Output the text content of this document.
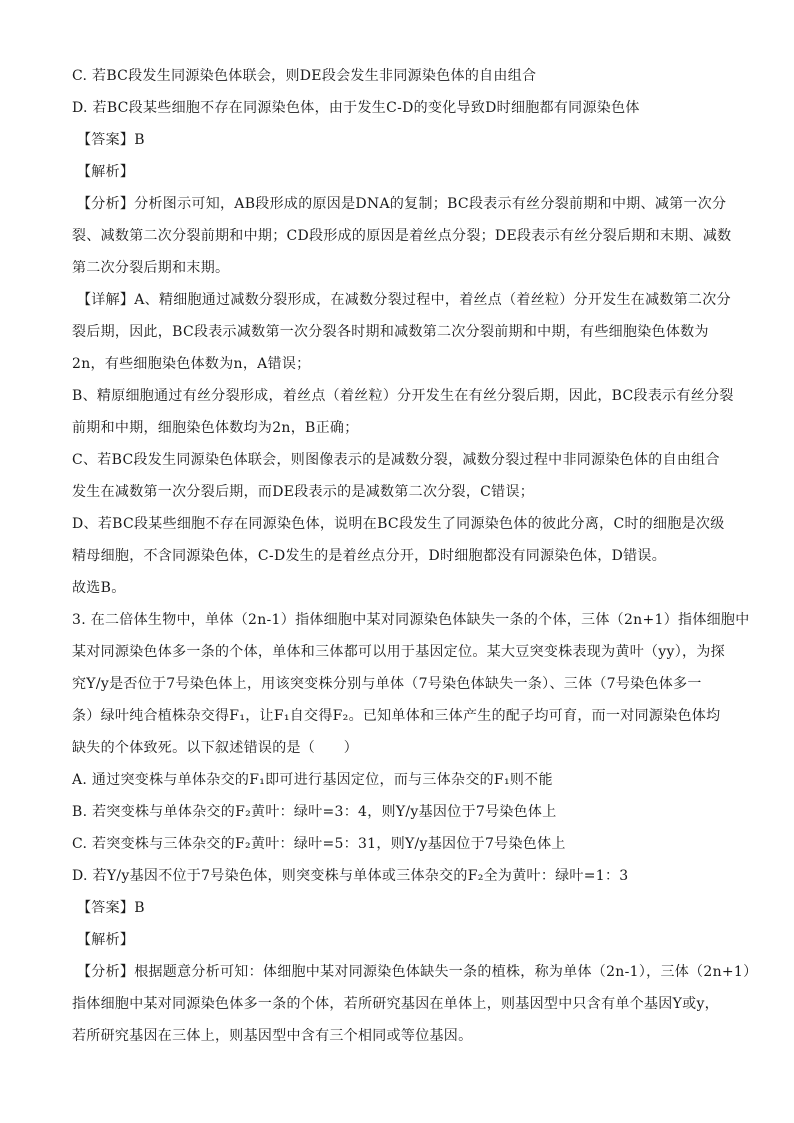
C. 若BC段发生同源染色体联会，则DE段会发生非同源染色体的自由组合
D. 若BC段某些细胞不存在同源染色体，由于发生C-D的变化导致D时细胞都有同源染色体
【答案】B
【解析】
【分析】分析图示可知，AB段形成的原因是DNA的复制；BC段表示有丝分裂前期和中期、减第一次分
裂、减数第二次分裂前期和中期；CD段形成的原因是着丝点分裂；DE段表示有丝分裂后期和末期、减数
第二次分裂后期和末期。
【详解】A、精细胞通过减数分裂形成，在减数分裂过程中，着丝点（着丝粒）分开发生在减数第二次分
裂后期，因此，BC段表示减数第一次分裂各时期和减数第二次分裂前期和中期，有些细胞染色体数为
2n，有些细胞染色体数为n，A错误；
B、精原细胞通过有丝分裂形成，着丝点（着丝粒）分开发生在有丝分裂后期，因此，BC段表示有丝分裂
前期和中期，细胞染色体数均为2n，B正确；
C、若BC段发生同源染色体联会，则图像表示的是减数分裂，减数分裂过程中非同源染色体的自由组合
发生在减数第一次分裂后期，而DE段表示的是减数第二次分裂，C错误；
D、若BC段某些细胞不存在同源染色体，说明在BC段发生了同源染色体的彼此分离，C时的细胞是次级
精母细胞，不含同源染色体，C-D发生的是着丝点分开，D时细胞都没有同源染色体，D错误。
故选B。
3. 在二倍体生物中，单体（2n-1）指体细胞中某对同源染色体缺失一条的个体，三体（2n+1）指体细胞中
某对同源染色体多一条的个体，单体和三体都可以用于基因定位。某大豆突变株表现为黄叶（yy），为探
究Y/y是否位于7号染色体上，用该突变株分别与单体（7号染色体缺失一条）、三体（7号染色体多一
条）绿叶纯合植株杂交得F₁，让F₁自交得F₂。已知单体和三体产生的配子均可育，而一对同源染色体均
缺失的个体致死。以下叙述错误的是（　　）
A. 通过突变株与单体杂交的F₁即可进行基因定位，而与三体杂交的F₁则不能
B. 若突变株与单体杂交的F₂黄叶：绿叶=3：4，则Y/y基因位于7号染色体上
C. 若突变株与三体杂交的F₂黄叶：绿叶=5：31，则Y/y基因位于7号染色体上
D. 若Y/y基因不位于7号染色体，则突变株与单体或三体杂交的F₂全为黄叶：绿叶=1：3
【答案】B
【解析】
【分析】根据题意分析可知：体细胞中某对同源染色体缺失一条的植株，称为单体（2n-1），三体（2n+1）
指体细胞中某对同源染色体多一条的个体，若所研究基因在单体上，则基因型中只含有单个基因Y或y，
若所研究基因在三体上，则基因型中含有三个相同或等位基因。
